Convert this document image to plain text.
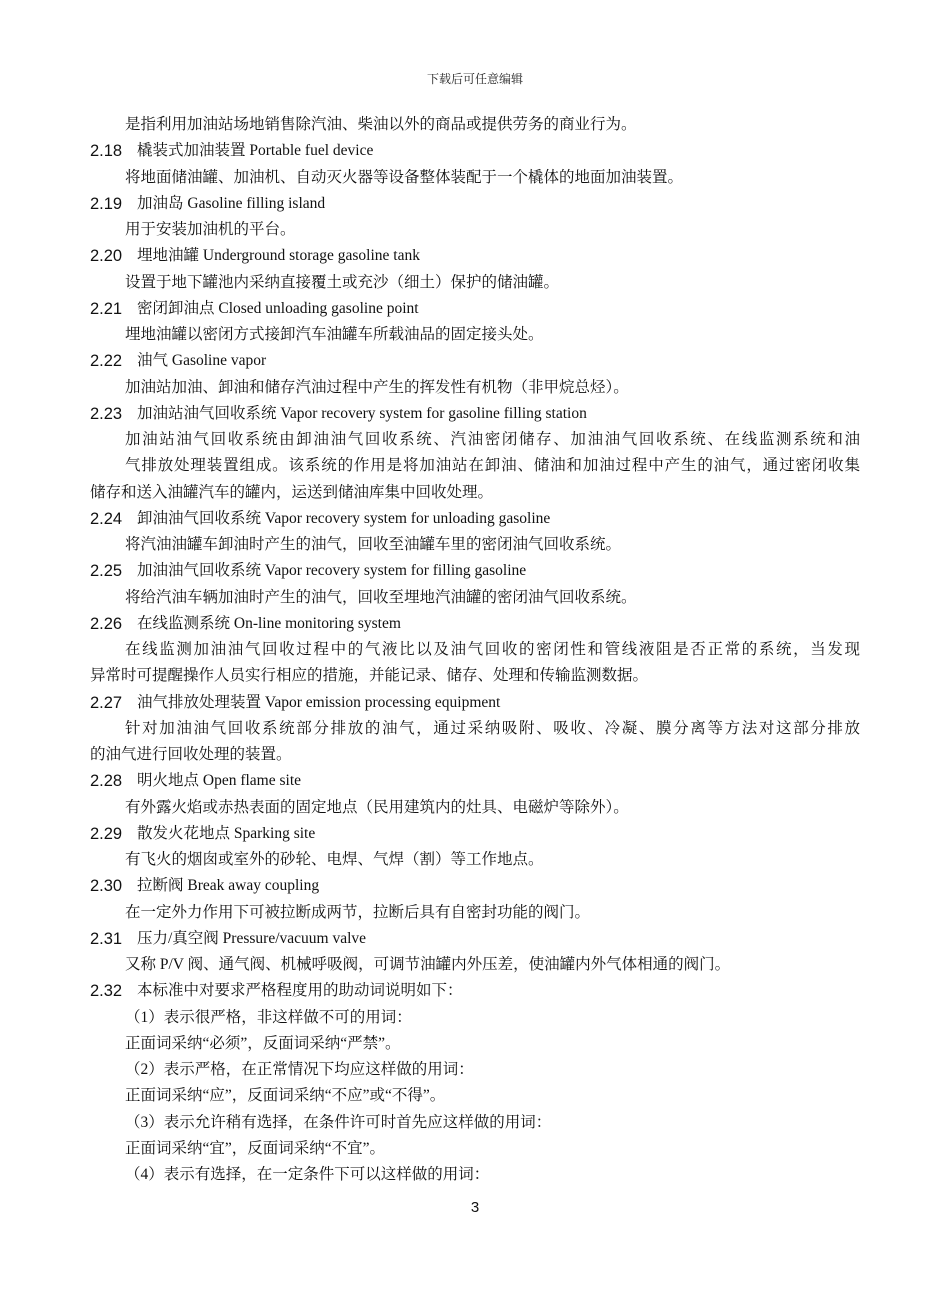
下载后可任意编辑
是指利用加油站场地销售除汽油、柴油以外的商品或提供劳务的商业行为。
2.18 橇装式加油装置 Portable fuel device
将地面储油罐、加油机、自动灭火器等设备整体装配于一个橇体的地面加油装置。
2.19 加油岛 Gasoline filling island
用于安装加油机的平台。
2.20 埋地油罐 Underground storage gasoline tank
设置于地下罐池内采纳直接覆土或充沙（细土）保护的储油罐。
2.21 密闭卸油点 Closed unloading gasoline point
埋地油罐以密闭方式接卸汽车油罐车所载油品的固定接头处。
2.22 油气 Gasoline vapor
加油站加油、卸油和储存汽油过程中产生的挥发性有机物（非甲烷总烃）。
2.23 加油站油气回收系统 Vapor recovery system for gasoline filling station
加油站油气回收系统由卸油油气回收系统、汽油密闭储存、加油油气回收系统、在线监测系统和油
气排放处理装置组成。该系统的作用是将加油站在卸油、储油和加油过程中产生的油气，通过密闭收集
储存和送入油罐汽车的罐内，运送到储油库集中回收处理。
2.24 卸油油气回收系统 Vapor recovery system for unloading gasoline
将汽油油罐车卸油时产生的油气，回收至油罐车里的密闭油气回收系统。
2.25 加油油气回收系统 Vapor recovery system for filling gasoline
将给汽油车辆加油时产生的油气，回收至埋地汽油罐的密闭油气回收系统。
2.26 在线监测系统 On-line monitoring system
在线监测加油油气回收过程中的气液比以及油气回收的密闭性和管线液阻是否正常的系统，当发现
异常时可提醒操作人员实行相应的措施，并能记录、储存、处理和传输监测数据。
2.27 油气排放处理装置 Vapor emission processing equipment
针对加油油气回收系统部分排放的油气，通过采纳吸附、吸收、冷凝、膜分离等方法对这部分排放
的油气进行回收处理的装置。
2.28 明火地点 Open flame site
有外露火焰或赤热表面的固定地点（民用建筑内的灶具、电磁炉等除外）。
2.29 散发火花地点 Sparking site
有飞火的烟囱或室外的砂轮、电焊、气焊（割）等工作地点。
2.30 拉断阀 Break away coupling
在一定外力作用下可被拉断成两节，拉断后具有自密封功能的阀门。
2.31 压力/真空阀 Pressure/vacuum valve
又称 P/V 阀、通气阀、机械呼吸阀，可调节油罐内外压差，使油罐内外气体相通的阀门。
2.32 本标准中对要求严格程度用的助动词说明如下：
（1）表示很严格，非这样做不可的用词：
正面词采纳“必须”，反面词采纳“严禁”。
（2）表示严格，在正常情况下均应这样做的用词：
正面词采纳“应”，反面词采纳“不应”或“不得”。
（3）表示允许稍有选择，在条件许可时首先应这样做的用词：
正面词采纳“宜”，反面词采纳“不宜”。
（4）表示有选择，在一定条件下可以这样做的用词：
3
